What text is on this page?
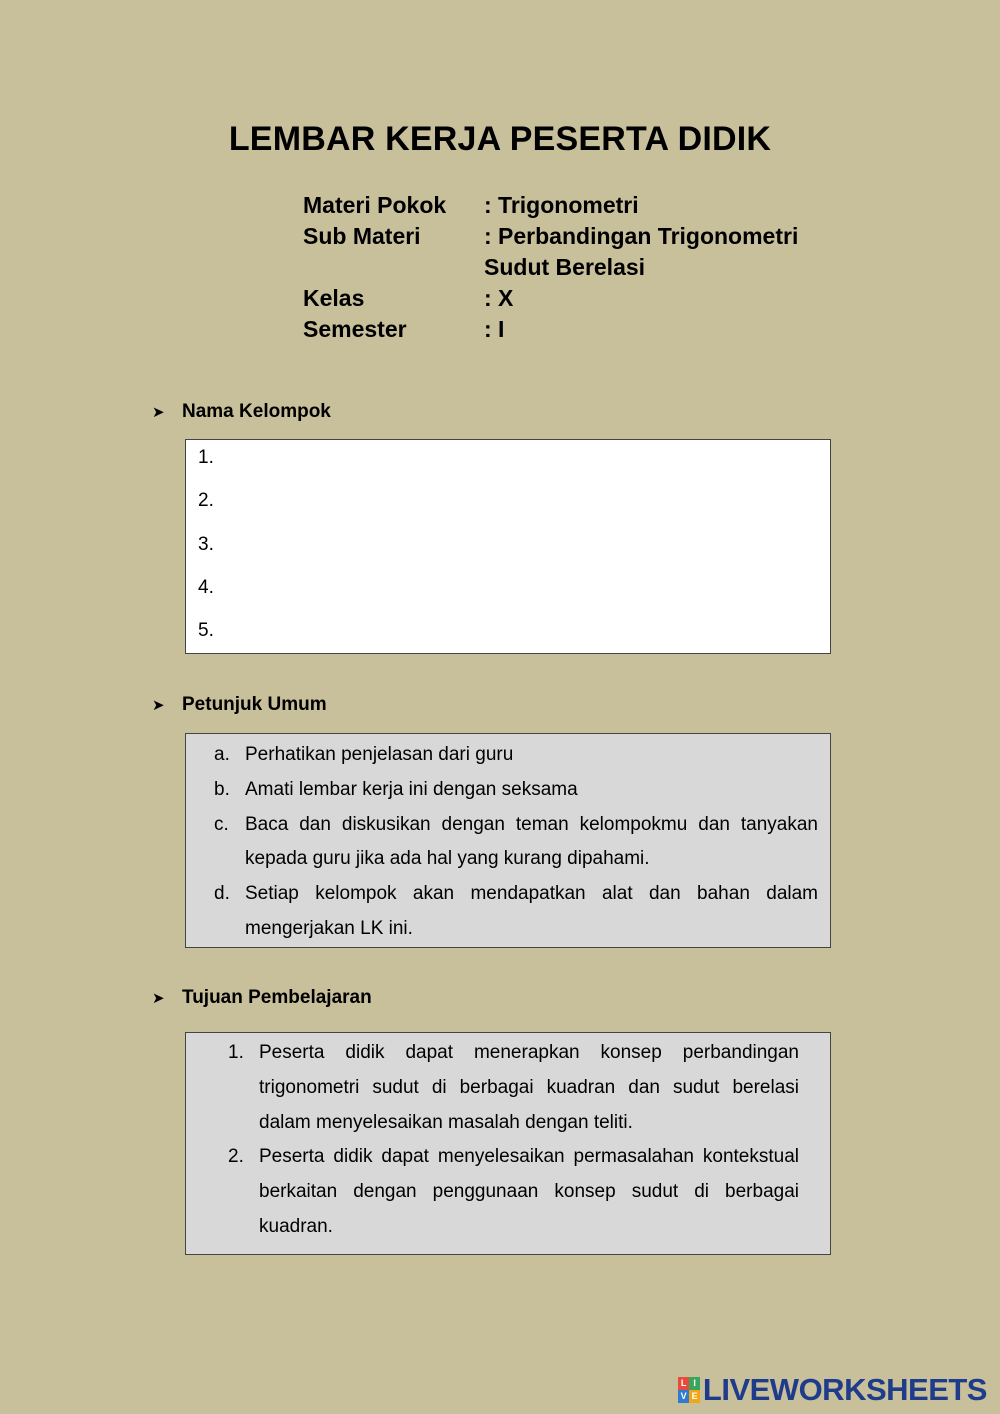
LEMBAR KERJA PESERTA DIDIK
Materi Pokok	: Trigonometri
Sub Materi	: Perbandingan Trigonometri
Sudut Berelasi
Kelas	: X
Semester	: I
➤ Nama Kelompok
1.
2.
3.
4.
5.
➤ Petunjuk Umum
a. Perhatikan penjelasan dari guru
b. Amati lembar kerja ini dengan seksama
c. Baca dan diskusikan dengan teman kelompokmu dan tanyakan kepada guru jika ada hal yang kurang dipahami.
d. Setiap kelompok akan mendapatkan alat dan bahan dalam mengerjakan LK ini.
➤ Tujuan Pembelajaran
1. Peserta didik dapat menerapkan konsep perbandingan trigonometri sudut di berbagai kuadran dan sudut berelasi dalam menyelesaikan masalah dengan teliti.
2. Peserta didik dapat menyelesaikan permasalahan kontekstual berkaitan dengan penggunaan konsep sudut di berbagai kuadran.
L I
V E LIVEWORKSHEETS
